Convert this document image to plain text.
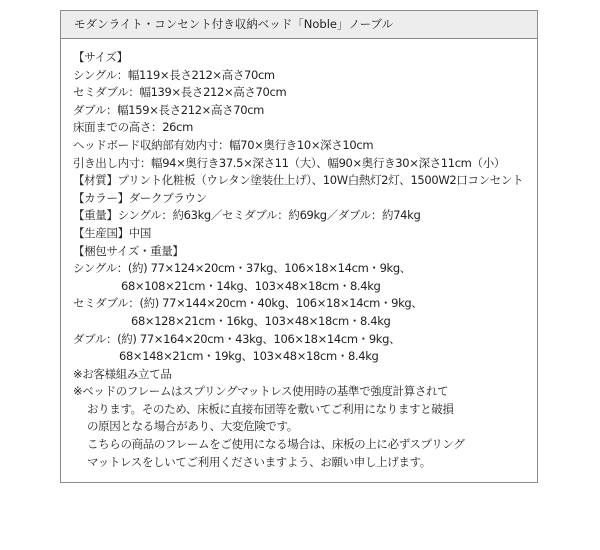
モダンライト・コンセント付き収納ベッド「Noble」ノーブル
【サイズ】
シングル：幅119×長さ212×高さ70cm
セミダブル：幅139×長さ212×高さ70cm
ダブル：幅159×長さ212×高さ70cm
床面までの高さ：26cm
ヘッドボード収納部有効内寸：幅70×奥行き10×深さ10cm
引き出し内寸：幅94×奥行き37.5×深さ11（大）、幅90×奥行き30×深さ11cm（小）
【材質】プリント化粧板（ウレタン塗装仕上げ）、10W白熱灯2灯、1500W2口コンセント
【カラー】ダークブラウン
【重量】シングル：約63kg／セミダブル：約69kg／ダブル：約74kg
【生産国】中国
【梱包サイズ・重量】
シングル：(約) 77×124×20cm・37kg、106×18×14cm・9kg、
68×108×21cm・14kg、103×48×18cm・8.4kg
セミダブル：(約) 77×144×20cm・40kg、106×18×14cm・9kg、
68×128×21cm・16kg、103×48×18cm・8.4kg
ダブル：(約) 77×164×20cm・43kg、106×18×14cm・9kg、
68×148×21cm・19kg、103×48×18cm・8.4kg
※お客様組み立て品
※ベッドのフレームはスプリングマットレス使用時の基準で強度計算されて
おります。そのため、床板に直接布団等を敷いてご利用になりますと破損
の原因となる場合があり、大変危険です。
こちらの商品のフレームをご使用になる場合は、床板の上に必ずスプリング
マットレスをしいてご利用くださいますよう、お願い申し上げます。
